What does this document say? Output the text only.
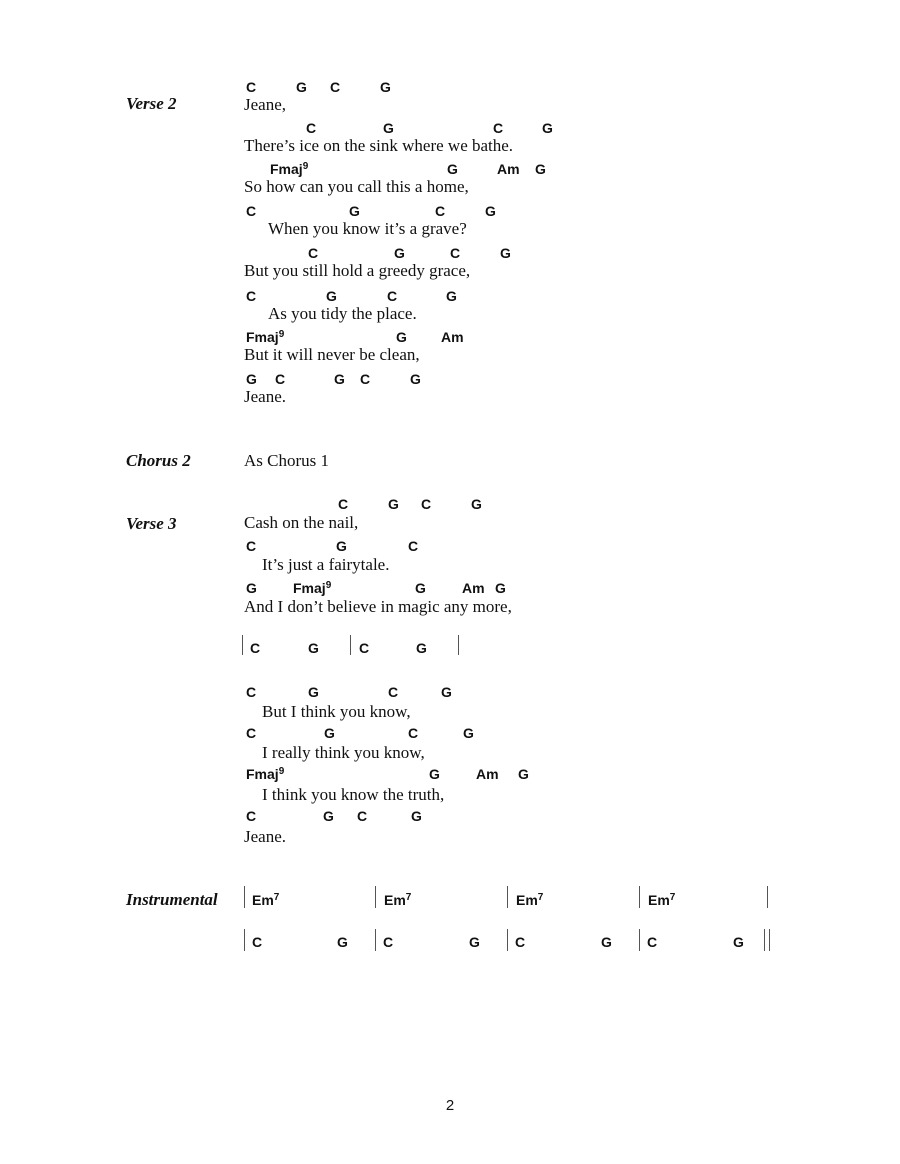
Verse 2
C	G C	G
Jeane,
C	G	C	G
There’s ice on the sink where we bathe.
Fmaj$^9$	G	Am G
So how can you call this a home,
C	G	C	G
When you know it’s a grave?
C	G	C	G
But you still hold a greedy grace,
C	G	C	G
As you tidy the place.
Fmaj$^9$	G Am
But it will never be clean,
G C	G C	G
Jeane.
Chorus 2	As Chorus 1
Verse 3
C	G C	G
Cash on the nail,
C	G	C
It’s just a fairytale.
G	Fmaj$^9$	G	Am G
And I don’t believe in magic any more,
C	G	C	G
C	G	C	G
But I think you know,
C	G	C	G
I really think you know,
Fmaj$^9$	G	Am G
I think you know the truth,
C	G C	G
Jeane.
Instrumental Em$^7$	Em$^7$	Em$^7$	Em$^7$
C	G	C	G	C	G	C	G
2
